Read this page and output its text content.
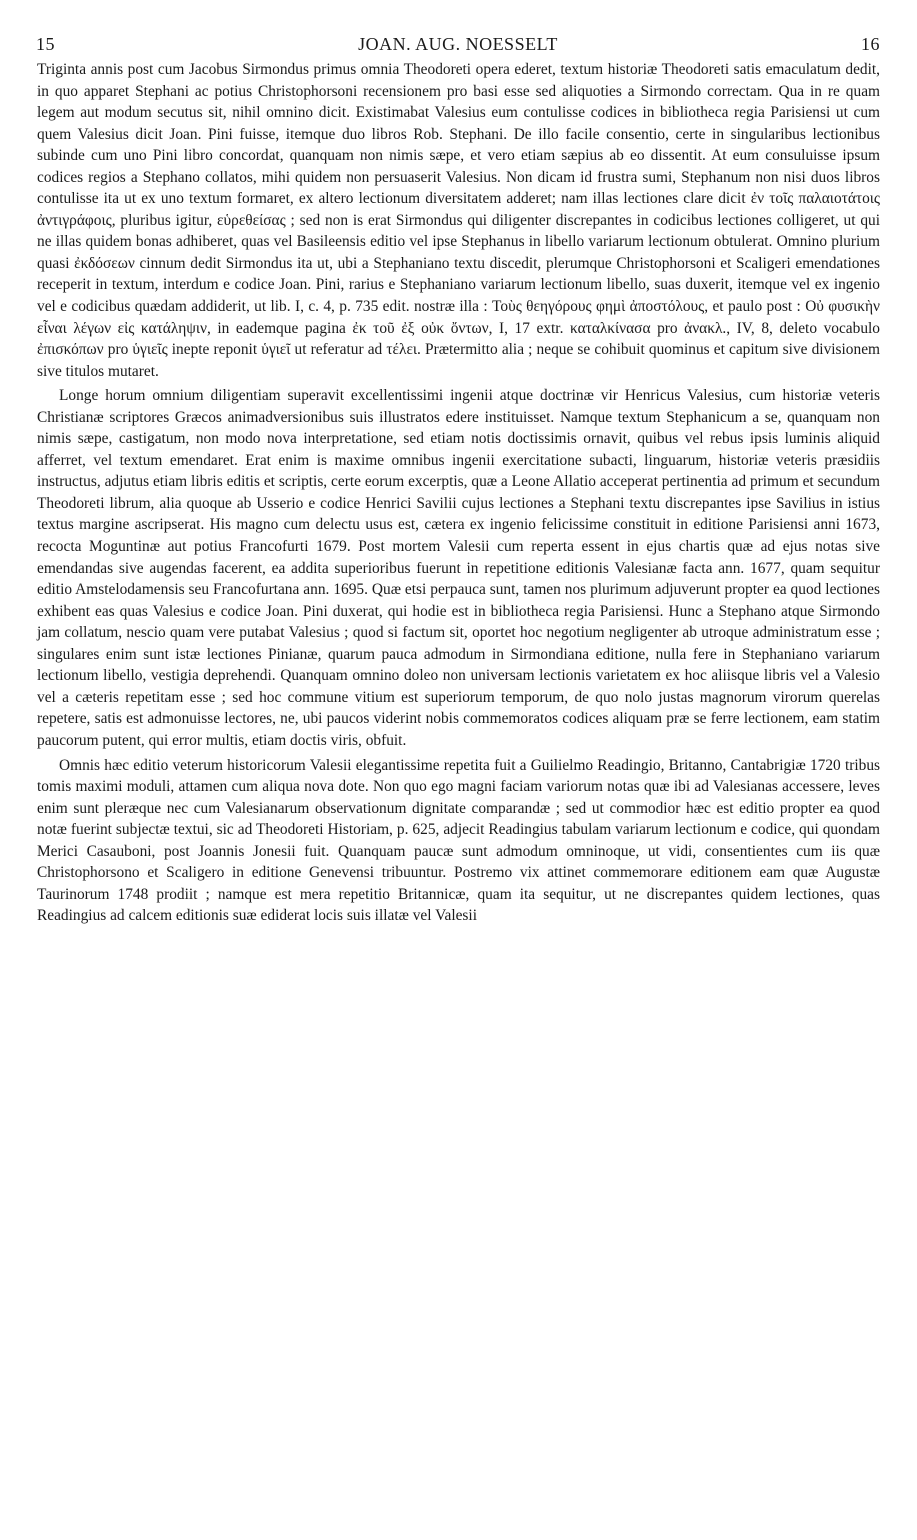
15	JOAN. AUG. NOESSELT	16

Triginta annis post cum Jacobus Sirmondus primus omnia Theodoreti opera ederet, textum historiæ Theodoreti satis emaculatum dedit, in quo apparet Stephani ac potius Christophorsoni recensionem pro basi esse sed aliquoties a Sirmondo correctam. Qua in re quam legem aut modum secutus sit, nihil omnino dicit. Existimabat Valesius eum contulisse codices in bibliotheca regia Parisiensi ut cum quem Valesius dicit Joan. Pini fuisse, itemque duo libros Rob. Stephani. De illo facile consentio, certe in singularibus lectionibus subinde cum uno Pini libro concordat, quanquam non nimis sæpe, et vero etiam sæpius ab eo dissentit. At eum consuluisse ipsum codices regios a Stephano collatos, mihi quidem non persuaserit Valesius. Non dicam id frustra sumi, Stephanum non nisi duos libros contulisse ita ut ex uno textum formaret, ex altero lectionum diversitatem adderet; nam illas lectiones clare dicit ἐν τοῖς παλαιοτάτοις ἀντιγράφοις, pluribus igitur, εὑρεθείσας ; sed non is erat Sirmondus qui diligenter discrepantes in codicibus lectiones colligeret, ut qui ne illas quidem bonas adhiberet, quas vel Basileensis editio vel ipse Stephanus in libello variarum lectionum obtulerat. Omnino plurium quasi ἐκδόσεων cinnum dedit Sirmondus ita ut, ubi a Stephaniano textu discedit, plerumque Christophorsoni et Scaligeri emendationes receperit in textum, interdum e codice Joan. Pini, rarius e Stephaniano variarum lectionum libello, suas duxerit, itemque vel ex ingenio vel e codicibus quædam addiderit, ut lib. I, c. 4, p. 735 edit. nostræ illa : Τοὺς θεηγόρους φημὶ ἀποστόλους, et paulo post : Οὐ φυσικὴν εἶναι λέγων εἰς κατάληψιν, in eademque pagina ἐκ τοῦ ἐξ οὐκ ὄντων, I, 17 extr. καταλκίνασα pro ἀνακλ., IV, 8, deleto vocabulo ἐπισκόπων pro ὑγιεῖς inepte reponit ὑγιεῖ ut referatur ad τέλει. Prætermitto alia ; neque se cohibuit quominus et capitum sive divisionem sive titulos mutaret.

Longe horum omnium diligentiam superavit excellentissimi ingenii atque doctrinæ vir Henricus Valesius, cum historiæ veteris Christianæ scriptores Græcos animadversionibus suis illustratos edere instituisset. Namque textum Stephanicum a se, quanquam non nimis sæpe, castigatum, non modo nova interpretatione, sed etiam notis doctissimis ornavit, quibus vel rebus ipsis luminis aliquid afferret, vel textum emendaret. Erat enim is maxime omnibus ingenii exercitatione subacti, linguarum, historiæ veteris præsidiis instructus, adjutus etiam libris editis et scriptis, certe eorum excerptis, quæ a Leone Allatio acceperat pertinentia ad primum et secundum Theodoreti librum, alia quoque ab Usserio e codice Henrici Savilii cujus lectiones a Stephani textu discrepantes ipse Savilius in istius textus margine ascripserat. His magno cum delectu usus est, cætera ex ingenio felicissime constituit in editione Parisiensi anni 1673, recocta Moguntinæ aut potius Francofurti 1679. Post mortem Valesii cum reperta essent in ejus chartis quæ ad ejus notas sive emendandas sive augendas facerent, ea addita superioribus fuerunt in repetitione editionis Valesianæ facta ann. 1677, quam sequitur editio Amstelodamensis seu Francofurtana ann. 1695. Quæ etsi perpauca sunt, tamen nos plurimum adjuverunt propter ea quod lectiones exhibent eas quas Valesius e codice Joan. Pini duxerat, qui hodie est in bibliotheca regia Parisiensi. Hunc a Stephano atque Sirmondo jam collatum, nescio quam vere putabat Valesius ; quod si factum sit, oportet hoc negotium negligenter ab utroque administratum esse ; singulares enim sunt istæ lectiones Pinianæ, quarum pauca admodum in Sirmondiana editione, nulla fere in Stephaniano variarum lectionum libello, vestigia deprehendi. Quanquam omnino doleo non universam lectionis varietatem ex hoc aliisque libris vel a Valesio vel a cæteris repetitam esse ; sed hoc commune vitium est superiorum temporum, de quo nolo justas magnorum virorum querelas repetere, satis est admonuisse lectores, ne, ubi paucos viderint nobis commemoratos codices aliquam præ se ferre lectionem, eam statim paucorum putent, qui error multis, etiam doctis viris, obfuit.

Omnis hæc editio veterum historicorum Valesii elegantissime repetita fuit a Guilielmo Readingio, Britanno, Cantabrigiæ 1720 tribus tomis maximi moduli, attamen cum aliqua nova dote. Non quo ego magni faciam variorum notas quæ ibi ad Valesianas accessere, leves enim sunt pleræque nec cum Valesianarum observationum dignitate comparandæ ; sed ut commodior hæc est editio propter ea quod notæ fuerint subjectæ textui, sic ad Theodoreti Historiam, p. 625, adjecit Readingius tabulam variarum lectionum e codice, qui quondam Merici Casauboni, post Joannis Jonesii fuit. Quanquam paucæ sunt admodum omninoque, ut vidi, consentientes cum iis quæ Christophorsono et Scaligero in editione Genevensi tribuuntur. Postremo vix attinet commemorare editionem eam quæ Augustæ Taurinorum 1748 prodiit ; namque est mera repetitio Britannicæ, quam ita sequitur, ut ne discrepantes quidem lectiones, quas Readingius ad calcem editionis suæ ediderat locis suis illatæ vel Valesii
